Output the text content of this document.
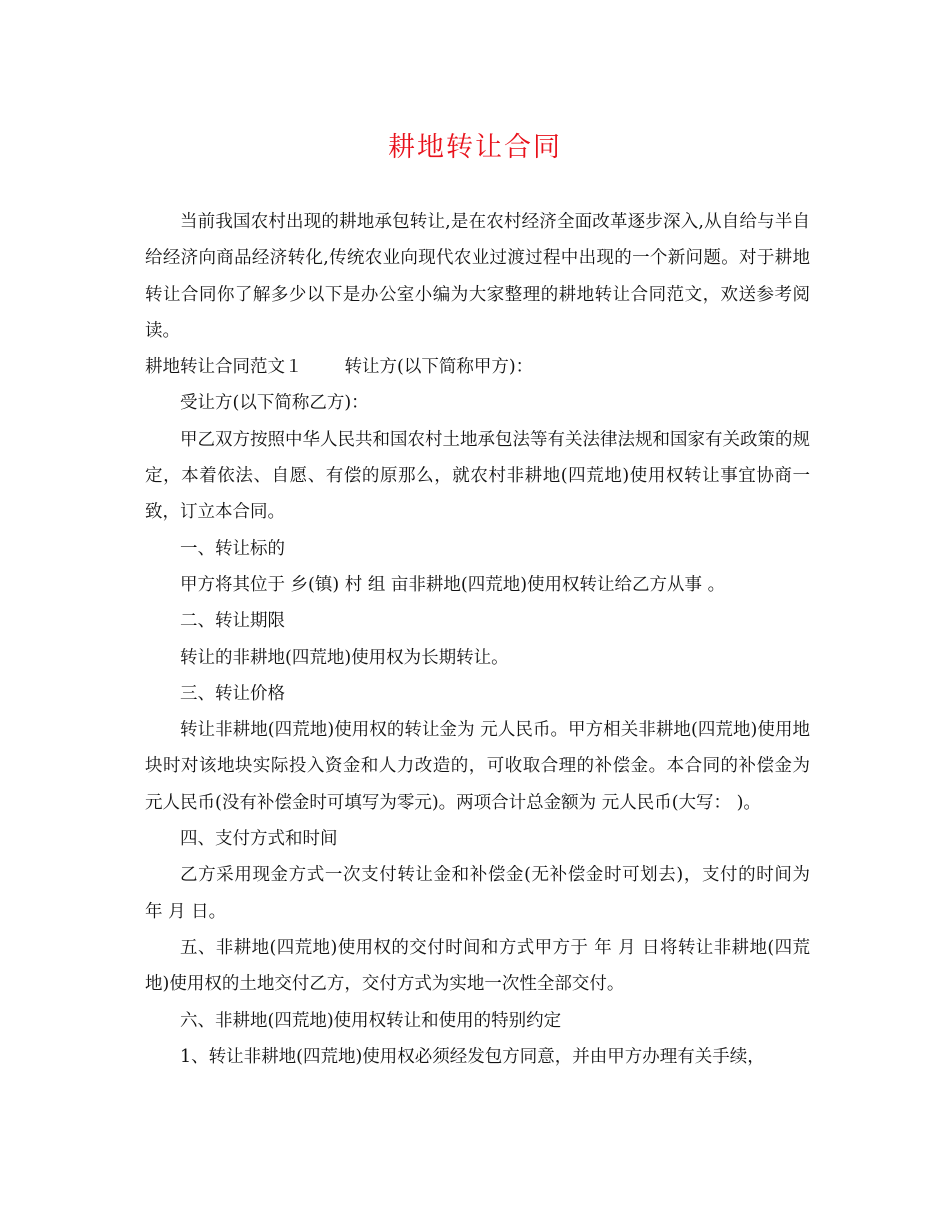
耕地转让合同

当前我国农村出现的耕地承包转让,是在农村经济全面改革逐步深入,从自给与半自给经济向商品经济转化,传统农业向现代农业过渡过程中出现的一个新问题。对于耕地转让合同你了解多少以下是办公室小编为大家整理的耕地转让合同范文，欢送参考阅读。

耕地转让合同范文１ 转让方(以下简称甲方)：

受让方(以下简称乙方)：

甲乙双方按照中华人民共和国农村土地承包法等有关法律法规和国家有关政策的规定，本着依法、自愿、有偿的原那么，就农村非耕地(四荒地)使用权转让事宜协商一致，订立本合同。

一、转让标的

甲方将其位于 乡(镇) 村 组 亩非耕地(四荒地)使用权转让给乙方从事 。

二、转让期限

转让的非耕地(四荒地)使用权为长期转让。

三、转让价格

转让非耕地(四荒地)使用权的转让金为 元人民币。甲方相关非耕地(四荒地)使用地块时对该地块实际投入资金和人力改造的，可收取合理的补偿金。本合同的补偿金为 元人民币(没有补偿金时可填写为零元)。两项合计总金额为 元人民币(大写： )。

四、支付方式和时间

乙方采用现金方式一次支付转让金和补偿金(无补偿金时可划去)，支付的时间为 年 月 日。

五、非耕地(四荒地)使用权的交付时间和方式甲方于 年 月 日将转让非耕地(四荒地)使用权的土地交付乙方，交付方式为实地一次性全部交付。

六、非耕地(四荒地)使用权转让和使用的特别约定

1、转让非耕地(四荒地)使用权必须经发包方同意，并由甲方办理有关手续，
